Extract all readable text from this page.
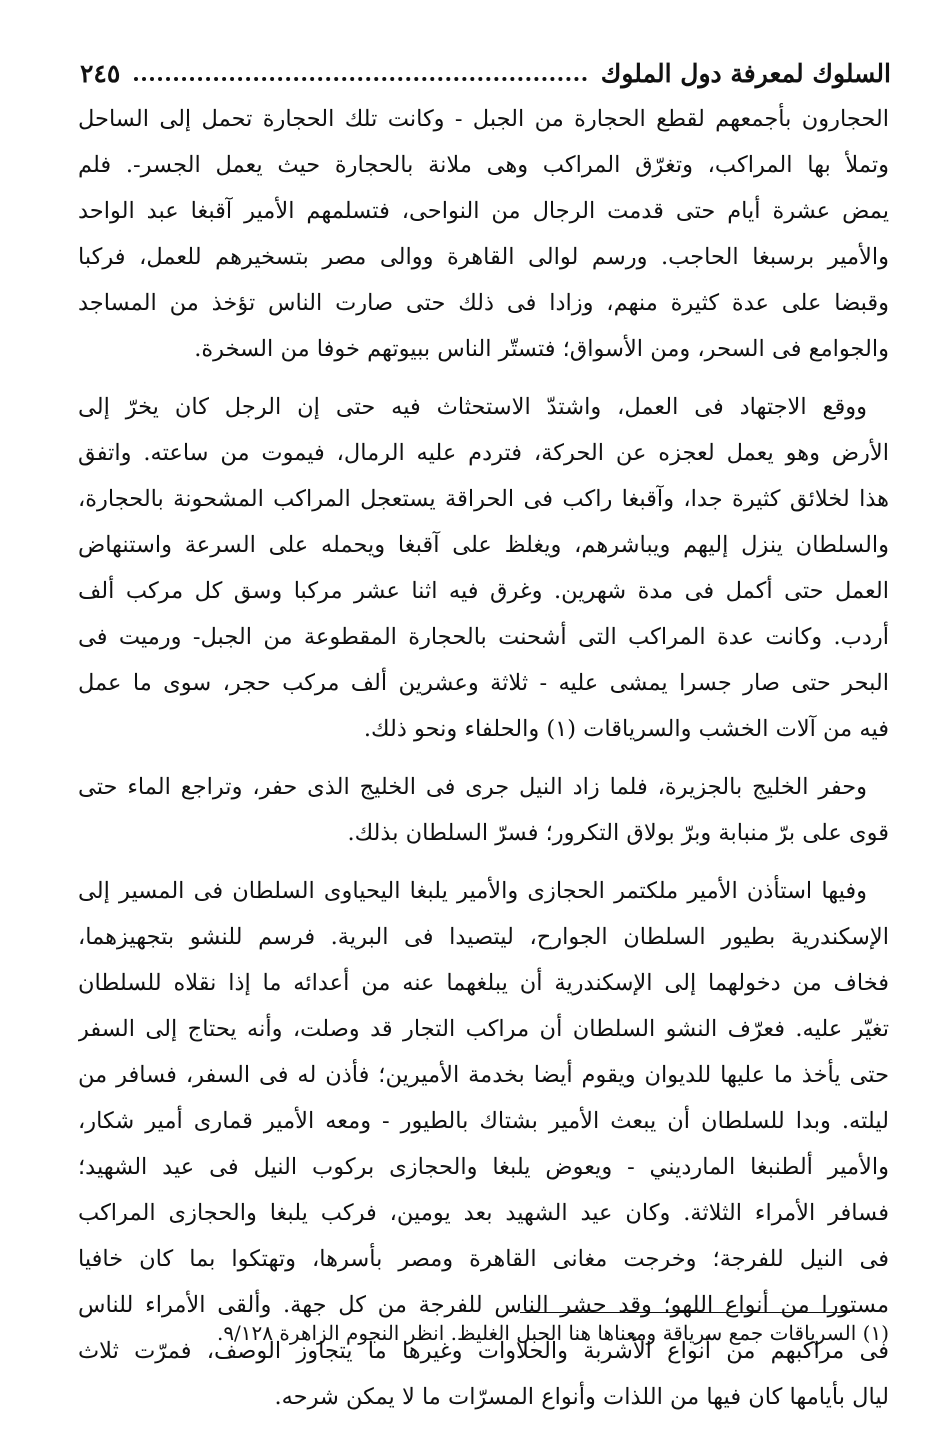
السلوك لمعرفة دول الملوك
٢٤٥
الحجارون بأجمعهم لقطع الحجارة من الجبل - وكانت تلك الحجارة تحمل إلى الساحل
وتملأ بها المراكب، وتغرّق المراكب وهى ملانة بالحجارة حيث يعمل الجسر-. فلم
يمض عشرة أيام حتى قدمت الرجال من النواحى، فتسلمهم الأمير آقبغا عبد الواحد
والأمير برسبغا الحاجب. ورسم لوالى القاهرة ووالى مصر بتسخيرهم للعمل، فركبا
وقبضا على عدة كثيرة منهم، وزادا فى ذلك حتى صارت الناس تؤخذ من المساجد
والجوامع فى السحر، ومن الأسواق؛ فتستّر الناس ببيوتهم خوفا من السخرة.
ووقع الاجتهاد فى العمل، واشتدّ الاستحثاث فيه حتى إن الرجل كان يخرّ إلى
الأرض وهو يعمل لعجزه عن الحركة، فتردم عليه الرمال، فيموت من ساعته. واتفق
هذا لخلائق كثيرة جدا، وآقبغا راكب فى الحراقة يستعجل المراكب المشحونة بالحجارة،
والسلطان ينزل إليهم ويباشرهم، ويغلظ على آقبغا ويحمله على السرعة واستنهاض
العمل حتى أكمل فى مدة شهرين. وغرق فيه اثنا عشر مركبا وسق كل مركب ألف
أردب. وكانت عدة المراكب التى أشحنت بالحجارة المقطوعة من الجبل- ورميت فى
البحر حتى صار جسرا يمشى عليه - ثلاثة وعشرين ألف مركب حجر، سوى ما عمل
فيه من آلات الخشب والسرياقات (١) والحلفاء ونحو ذلك.
وحفر الخليج بالجزيرة، فلما زاد النيل جرى فى الخليج الذى حفر، وتراجع الماء حتى
قوى على برّ منبابة وبرّ بولاق التكرور؛ فسرّ السلطان بذلك.
وفيها استأذن الأمير ملكتمر الحجازى والأمير يلبغا اليحياوى السلطان فى المسير إلى
الإسكندرية بطيور السلطان الجوارح، ليتصيدا فى البرية. فرسم للنشو بتجهيزهما،
فخاف من دخولهما إلى الإسكندرية أن يبلغهما عنه من أعدائه ما إذا نقلاه للسلطان
تغيّر عليه. فعرّف النشو السلطان أن مراكب التجار قد وصلت، وأنه يحتاج إلى السفر
حتى يأخذ ما عليها للديوان ويقوم أيضا بخدمة الأميرين؛ فأذن له فى السفر، فسافر من
ليلته. وبدا للسلطان أن يبعث الأمير بشتاك بالطيور - ومعه الأمير قمارى أمير شكار،
والأمير ألطنبغا المارديني - ويعوض يلبغا والحجازى بركوب النيل فى عيد الشهيد؛
فسافر الأمراء الثلاثة. وكان عيد الشهيد بعد يومين، فركب يلبغا والحجازى المراكب
فى النيل للفرجة؛ وخرجت مغانى القاهرة ومصر بأسرها، وتهتكوا بما كان خافيا
مستورا من أنواع اللهو؛ وقد حشر الناس للفرجة من كل جهة. وألقى الأمراء للناس
فى مراكبهم من أنواع الأشربة والحلاوات وغيرها ما يتجاوز الوصف، فمرّت ثلاث
ليال بأيامها كان فيها من اللذات وأنواع المسرّات ما لا يمكن شرحه.
(١) السرياقات جمع سرياقة ومعناها هنا الحبل الغليظ. انظر النجوم الزاهرة ٩/١٢٨.
